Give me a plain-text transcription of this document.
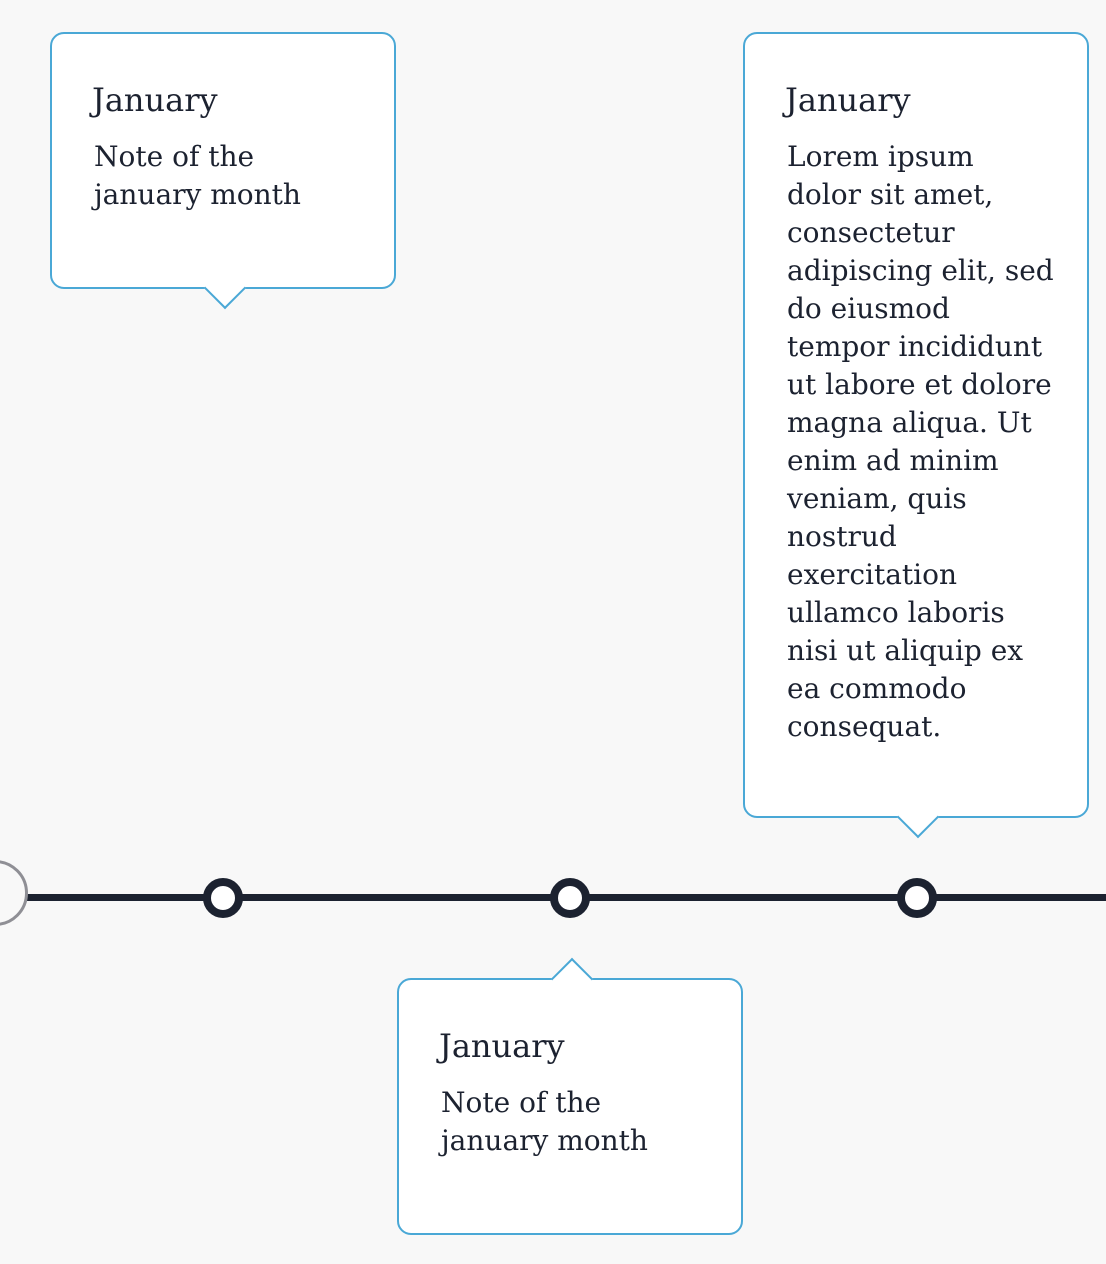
January

Note of the january month

January

Note of the january month

January

Lorem ipsum dolor sit amet, consectetur adipiscing elit, sed do eiusmod tempor incididunt ut labore et dolore magna aliqua. Ut enim ad minim veniam, quis nostrud exercitation ullamco laboris nisi ut aliquip ex ea commodo consequat.
